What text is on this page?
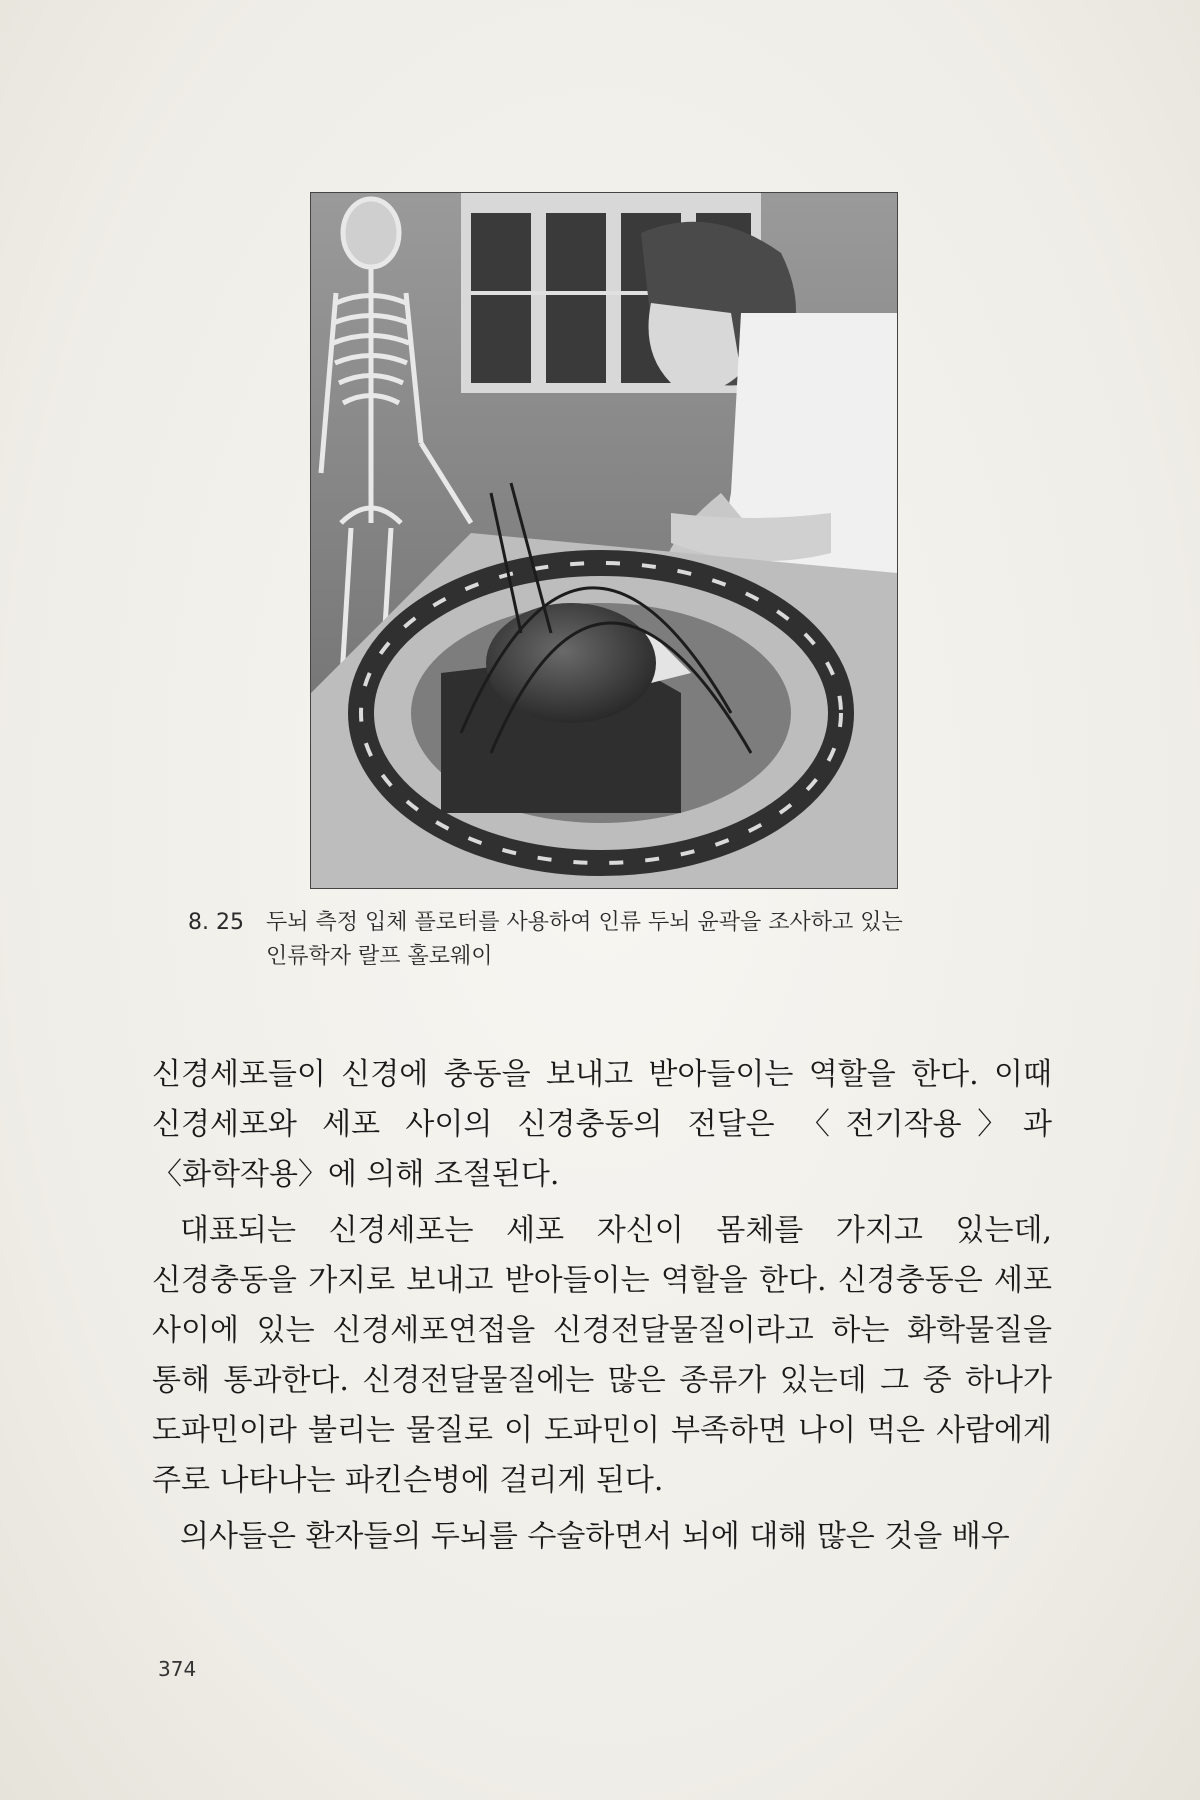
8. 25	두뇌 측정 입체 플로터를 사용하여 인류 두뇌 윤곽을 조사하고 있는
인류학자 랄프 홀로웨이

신경세포들이 신경에 충동을 보내고 받아들이는 역할을 한다. 이때 신경세포와 세포 사이의 신경충동의 전달은 〈전기작용〉과 〈화학작용〉에 의해 조절된다.

대표되는 신경세포는 세포 자신이 몸체를 가지고 있는데, 신경충동을 가지로 보내고 받아들이는 역할을 한다. 신경충동은 세포 사이에 있는 신경세포연접을 신경전달물질이라고 하는 화학물질을 통해 통과한다. 신경전달물질에는 많은 종류가 있는데 그 중 하나가 도파민이라 불리는 물질로 이 도파민이 부족하면 나이 먹은 사람에게 주로 나타나는 파킨슨병에 걸리게 된다.

의사들은 환자들의 두뇌를 수술하면서 뇌에 대해 많은 것을 배우

374
